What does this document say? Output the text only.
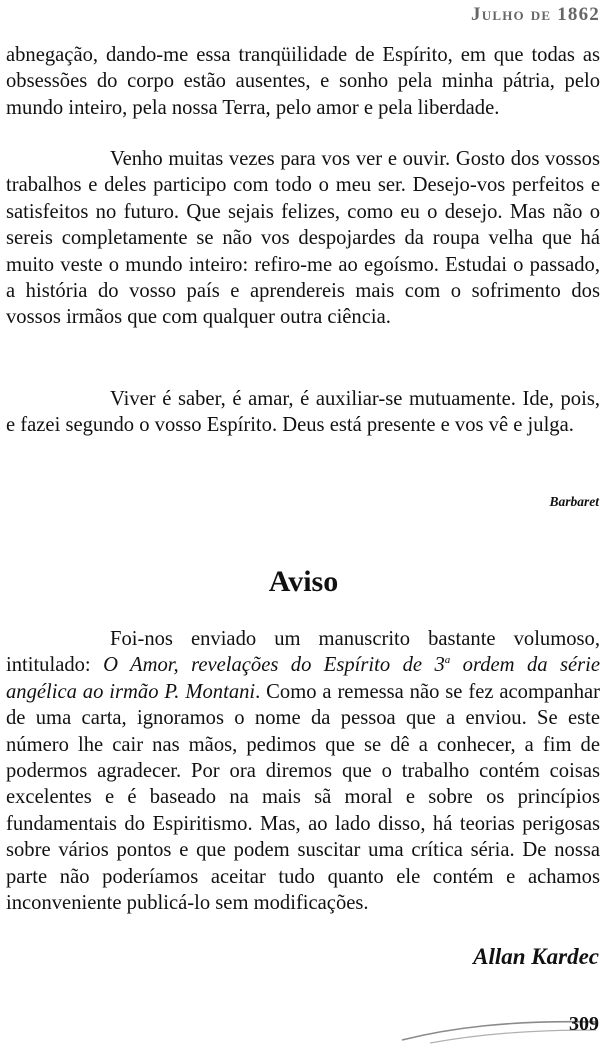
Julho de 1862

abnegação, dando-me essa tranqüilidade de Espírito, em que todas as obsessões do corpo estão ausentes, e sonho pela minha pátria, pelo mundo inteiro, pela nossa Terra, pelo amor e pela liberdade.

Venho muitas vezes para vos ver e ouvir. Gosto dos vossos trabalhos e deles participo com todo o meu ser. Desejo-vos perfeitos e satisfeitos no futuro. Que sejais felizes, como eu o desejo. Mas não o sereis completamente se não vos despojardes da roupa velha que há muito veste o mundo inteiro: refiro-me ao egoísmo. Estudai o passado, a história do vosso país e aprendereis mais com o sofrimento dos vossos irmãos que com qualquer outra ciência.

Viver é saber, é amar, é auxiliar-se mutuamente. Ide, pois, e fazei segundo o vosso Espírito. Deus está presente e vos vê e julga.

Barbaret
Aviso

Foi-nos enviado um manuscrito bastante volumoso, intitulado: O Amor, revelações do Espírito de 3$^a$ ordem da série angélica ao irmão P. Montani. Como a remessa não se fez acompanhar de uma carta, ignoramos o nome da pessoa que a enviou. Se este número lhe cair nas mãos, pedimos que se dê a conhecer, a fim de podermos agradecer. Por ora diremos que o trabalho contém coisas excelentes e é baseado na mais sã moral e sobre os princípios fundamentais do Espiritismo. Mas, ao lado disso, há teorias perigosas sobre vários pontos e que podem suscitar uma crítica séria. De nossa parte não poderíamos aceitar tudo quanto ele contém e achamos inconveniente publicá-lo sem modificações.

Allan Kardec
309
